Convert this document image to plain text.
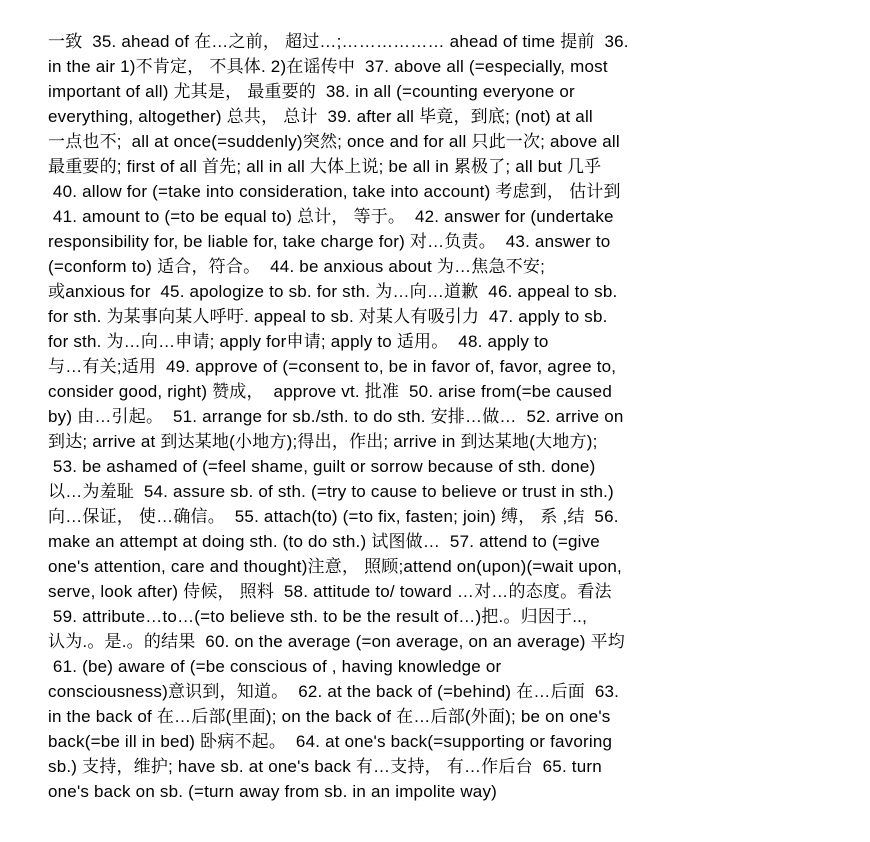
一致  35. ahead of 在…之前， 超过…;……………… ahead of time 提前  36.
in the air 1)不肯定， 不具体. 2)在谣传中  37. above all (=especially, most
important of all) 尤其是， 最重要的  38. in all (=counting everyone or
everything, altogether) 总共， 总计  39. after all 毕竟，到底; (not) at all
一点也不;  all at once(=suddenly)突然; once and for all 只此一次; above all
最重要的; first of all 首先; all in all 大体上说; be all in 累极了; all but 几乎
40. allow for (=take into consideration, take into account) 考虑到， 估计到
41. amount to (=to be equal to) 总计， 等于。  42. answer for (undertake
responsibility for, be liable for, take charge for) 对…负责。  43. answer to
(=conform to) 适合，符合。  44. be anxious about 为…焦急不安;
或anxious for  45. apologize to sb. for sth. 为…向…道歉  46. appeal to sb.
for sth. 为某事向某人呼吁. appeal to sb. 对某人有吸引力  47. apply to sb.
for sth. 为…向…申请; apply for申请; apply to 适用。  48. apply to
与…有关;适用  49. approve of (=consent to, be in favor of, favor, agree to,
consider good, right) 赞成，  approve vt. 批准  50. arise from(=be caused
by) 由…引起。  51. arrange for sb./sth. to do sth. 安排…做…  52. arrive on
到达; arrive at 到达某地(小地方);得出，作出; arrive in 到达某地(大地方);
53. be ashamed of (=feel shame, guilt or sorrow because of sth. done)
以…为羞耻  54. assure sb. of sth. (=try to cause to believe or trust in sth.)
向…保证， 使…确信。  55. attach(to) (=to fix, fasten; join) 缚， 系 ,结  56.
make an attempt at doing sth. (to do sth.) 试图做…  57. attend to (=give
one's attention, care and thought)注意， 照顾;attend on(upon)(=wait upon,
serve, look after) 侍候， 照料  58. attitude to/ toward …对…的态度。看法
59. attribute…to…(=to believe sth. to be the result of…)把.。归因于..,
认为.。是.。的结果  60. on the average (=on average, on an average) 平均
61. (be) aware of (=be conscious of , having knowledge or
consciousness)意识到，知道。  62. at the back of (=behind) 在…后面  63.
in the back of 在…后部(里面); on the back of 在…后部(外面); be on one's
back(=be ill in bed) 卧病不起。  64. at one's back(=supporting or favoring
sb.) 支持，维护; have sb. at one's back 有…支持， 有…作后台  65. turn
one's back on sb. (=turn away from sb. in an impolite way)
